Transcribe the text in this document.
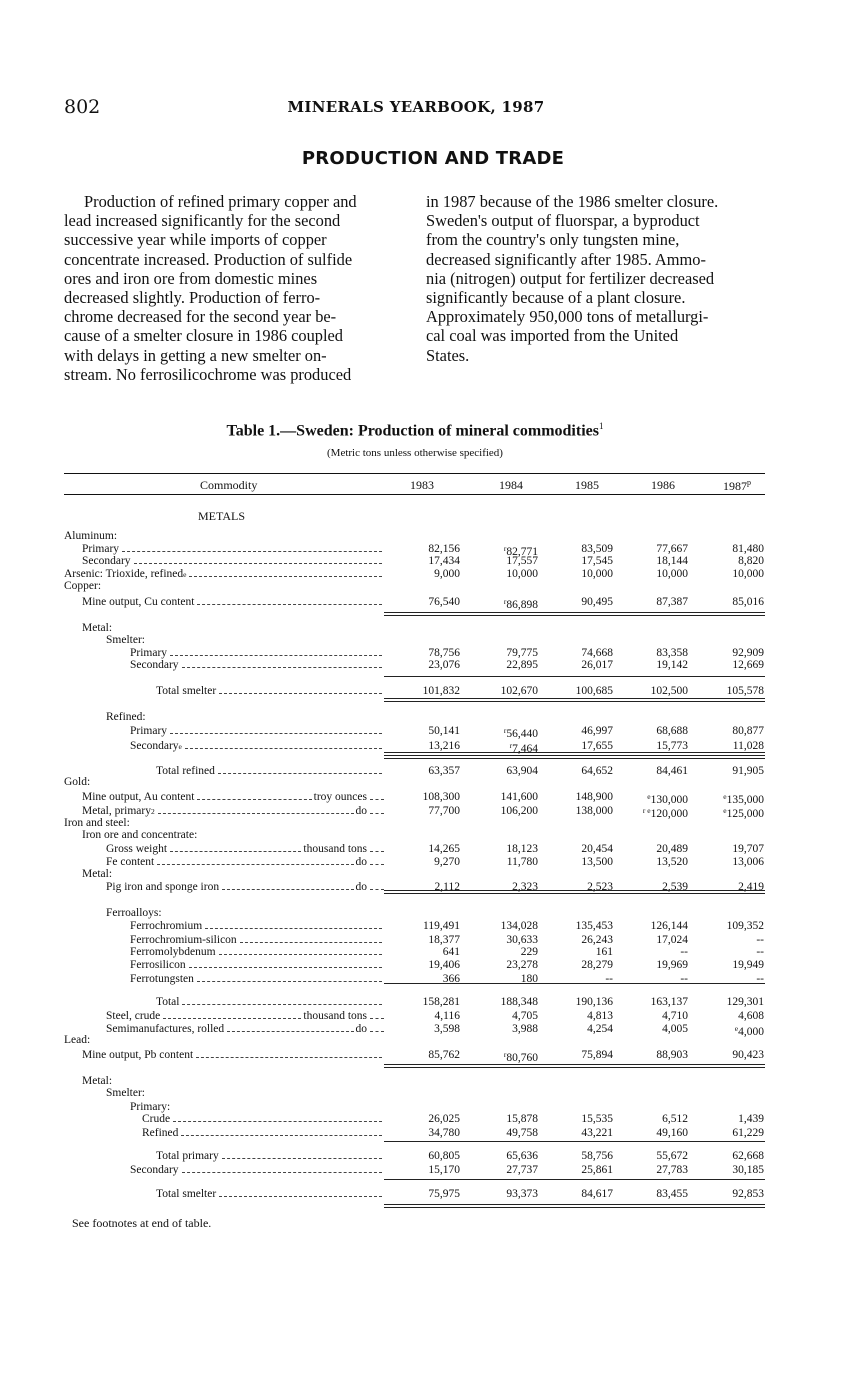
802	MINERALS YEARBOOK, 1987
PRODUCTION AND TRADE
Production of refined primary copper and
lead increased significantly for the second
successive year while imports of copper
concentrate increased. Production of sulfide
ores and iron ore from domestic mines
decreased slightly. Production of ferro-
chrome decreased for the second year be-
cause of a smelter closure in 1986 coupled
with delays in getting a new smelter on-
stream. No ferrosilicochrome was produced
in 1987 because of the 1986 smelter closure.
Sweden's output of fluorspar, a byproduct
from the country's only tungsten mine,
decreased significantly after 1985. Ammo-
nia (nitrogen) output for fertilizer decreased
significantly because of a plant closure.
Approximately 950,000 tons of metallurgi-
cal coal was imported from the United
States.
Table 1.—Sweden: Production of mineral commodities$^1$
(Metric tons unless otherwise specified)
Commodity	1983	1984	1985	1986	1987$^p$
METALS
Aluminum:
Primary	82,156	$^r$82,771	83,509	77,667	81,480
Secondary	17,434	17,557	17,545	18,144	8,820
Arsenic: Trioxide, refined e	9,000	10,000	10,000	10,000	10,000
Copper:
Mine output, Cu content	76,540	$^r$86,898	90,495	87,387	85,016
Metal:
Smelter:
Primary	78,756	79,775	74,668	83,358	92,909
Secondary	23,076	22,895	26,017	19,142	12,669
Total smelter	101,832	102,670	100,685	102,500	105,578
Refined:
Primary	50,141	$^r$56,440	46,997	68,688	80,877
Secondary e	13,216	$^r$7,464	17,655	15,773	11,028
Total refined	63,357	63,904	64,652	84,461	91,905
Gold:
Mine output, Au content	troy ounces	108,300	141,600	148,900	$^e$130,000	$^e$135,000
Metal, primary 2	do	77,700	106,200	138,000	$^{r e}$120,000	$^e$125,000
Iron and steel:
Iron ore and concentrate:
Gross weight	thousand tons	14,265	18,123	20,454	20,489	19,707
Fe content	do	9,270	11,780	13,500	13,520	13,006
Metal:
Pig iron and sponge iron	do	2,112	2,323	2,523	2,539	2,419
Ferroalloys:
Ferrochromium	119,491	134,028	135,453	126,144	109,352
Ferrochromium-silicon	18,377	30,633	26,243	17,024	--
Ferromolybdenum	641	229	161	--	--
Ferrosilicon	19,406	23,278	28,279	19,969	19,949
Ferrotungsten	366	180	--	--	--
Total	158,281	188,348	190,136	163,137	129,301
Steel, crude	thousand tons	4,116	4,705	4,813	4,710	4,608
Semimanufactures, rolled	do	3,598	3,988	4,254	4,005	$^e$4,000
Lead:
Mine output, Pb content	85,762	$^r$80,760	75,894	88,903	90,423
Metal:
Smelter:
Primary:
Crude	26,025	15,878	15,535	6,512	1,439
Refined	34,780	49,758	43,221	49,160	61,229
Total primary	60,805	65,636	58,756	55,672	62,668
Secondary	15,170	27,737	25,861	27,783	30,185
Total smelter	75,975	93,373	84,617	83,455	92,853
See footnotes at end of table.
